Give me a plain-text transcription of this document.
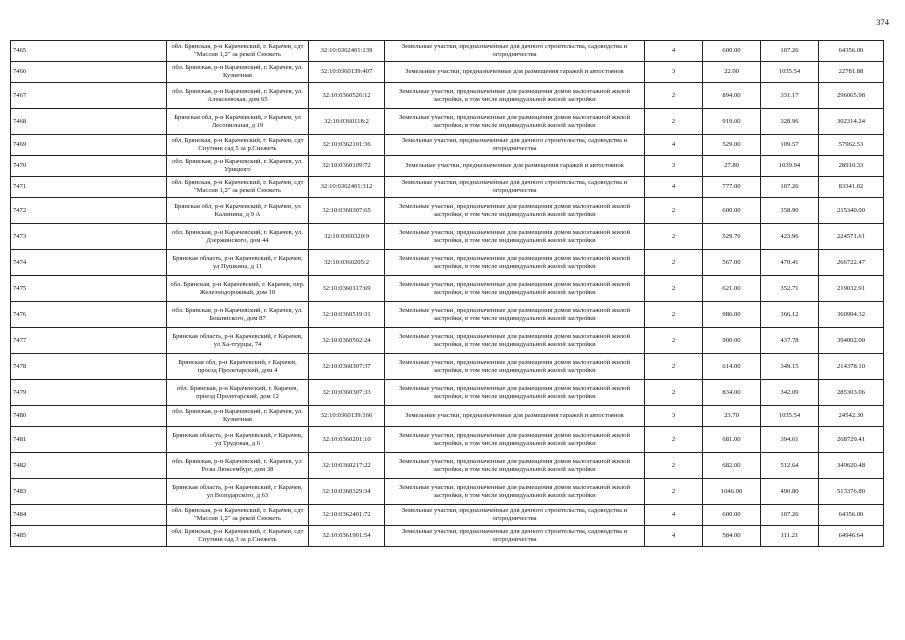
374
7465	обл. Брянская, р-н Карачевский, г. Карачев, сдт "Массив 1,2" за рекой Снежеть	32:10:0362401:139	Земельные участки, предназначенные для дачного строительства, садоводства и огородничества	4	600.00	107.26	64356.00
7466	обл. Брянская, р-н Карачевский, г. Карачев, ул. Кузнечная	32:10:0360139:407	Земельные участки, предназначенные для размещения гаражей и автостоянок	3	22.00	1035.54	22781.88
7467	обл. Брянская, р-н Карачевский, г. Карачев, ул. Алексеевская, дом 65	32:10:0360526:12	Земельные участки, предназначенные для размещения домов малоэтажной жилой застройки, в том числе индивидуальной жилой застройки	2	894.00	331.17	296065.98
7468	Брянская обл, р-н Карачевский, г Карачев, ул Лесопильная, д 19	32:10:0360118:2	Земельные участки, предназначенные для размещения домов малоэтажной жилой застройки, в том числе индивидуальной жилой застройки	2	919.00	328.96	302314.24
7469	обл. Брянская, р-н Карачевский, г. Карачев, сдт Спутник сад 5 за р.Снежеть	32:10:0362101:36	Земельные участки, предназначенные для дачного строительства, садоводства и огородничества	4	529.00	109.57	57962.53
7470	обл. Брянская, р-н Карачевский, г. Карачев, ул. Урицкого	32:10:0360109:72	Земельные участки, предназначенные для размещения гаражей и автостоянок	3	27.80	1039.94	28910.33
7471	обл. Брянская, р-н Карачевский, г. Карачев, сдт "Массив 1,2" за рекой Снежеть	32:10:0362401:312	Земельные участки, предназначенные для дачного строительства, садоводства и огородничества	4	777.00	107.26	83341.02
7472	Брянская обл, р-н Карачевский, г Карачев, ул Калинина, д 9 А	32:10:0360307:65	Земельные участки, предназначенные для размещения домов малоэтажной жилой застройки, в том числе индивидуальной жилой застройки	2	600.00	358.90	215340.00
7473	обл. Брянская, р-н Карачевский, г. Карачев, ул. Дзержинского, дом 44	32:10:0360320:9	Земельные участки, предназначенные для размещения домов малоэтажной жилой застройки, в том числе индивидуальной жилой застройки	2	529.70	423.96	224571.61
7474	Брянская область, р-н Карачевский, г Карачев, ул Пушкина, д 11	32:10:0360205:2	Земельные участки, предназначенные для размещения домов малоэтажной жилой застройки, в том числе индивидуальной жилой застройки	2	567.00	470.41	266722.47
7475	обл. Брянская, р-н Карачевский, г. Карачев, пер. Железнодорожный, дом 10	32:10:0360117:69	Земельные участки, предназначенные для размещения домов малоэтажной жилой застройки, в том числе индивидуальной жилой застройки	2	621.00	352.71	219032.91
7476	обл. Брянская, р-н Карачевский, г. Карачев, ул. Бошинского, дом 87	32:10:0360519:31	Земельные участки, предназначенные для размещения домов малоэтажной жилой застройки, в том числе индивидуальной жилой застройки	2	986.00	366.12	360994.32
7477	Брянская область, р-н Карачевский, г Карачев, ул Ха-тгурцы, 74	32:10:0360502:24	Земельные участки, предназначенные для размещения домов малоэтажной жилой застройки, в том числе индивидуальной жилой застройки	2	900.00	437.78	394002.00
7478	Брянская обл, р-н Карачевский, г Карачев, проезд Пролетарский, дом 4	32:10:0360307:37	Земельные участки, предназначенные для размещения домов малоэтажной жилой застройки, в том числе индивидуальной жилой застройки	2	614.00	349.15	214378.10
7479	обл. Брянская, р-н Карачевский, г. Карачев, проезд Пролетарский, дом 12	32:10:0360307:33	Земельные участки, предназначенные для размещения домов малоэтажной жилой застройки, в том числе индивидуальной жилой застройки	2	834.00	342.09	285303.06
7480	обл. Брянская, р-н Карачевский, г. Карачев, ул. Кузнечная	32:10:0360139:166	Земельные участки, предназначенные для размещения гаражей и автостоянок	3	23.70	1035.54	24542.30
7481	Брянская область, р-н Карачевский, г Карачев, ул Трудовая, д 6	32:10:0360201:10	Земельные участки, предназначенные для размещения домов малоэтажной жилой застройки, в том числе индивидуальной жилой застройки	2	681.00	394.61	268729.41
7482	обл. Брянская, р-н Карачевский, г. Карачев, у.г. Розы Люксембург, дом 38	32:10:0360217:22	Земельные участки, предназначенные для размещения домов малоэтажной жилой застройки, в том числе индивидуальной жилой застройки	2	682.00	512.64	349620.48
7483	Брянская область, р-н Карачевский, г Карачев, ул Володарского, д 63	32:10:0360329:34	Земельные участки, предназначенные для размещения домов малоэтажной жилой застройки, в том числе индивидуальной жилой застройки	2	1046.00	490.80	513376.80
7484	обл. Брянская, р-н Карачевский, г. Карачев, сдт "Массив 1,2" за рекой Снежеть	32:10:0362401:72	Земельные участки, предназначенные для дачного строительства, садоводства и огородничества	4	600.00	107.26	64356.00
7485	обл. Брянская, р-н Карачевский, г. Карачев, сдт Спутник сад 3 за р.Снежеть	32:10:0361901:54	Земельные участки, предназначенные для дачного строительства, садоводства и огородничества	4	584.00	111.21	64946.64
